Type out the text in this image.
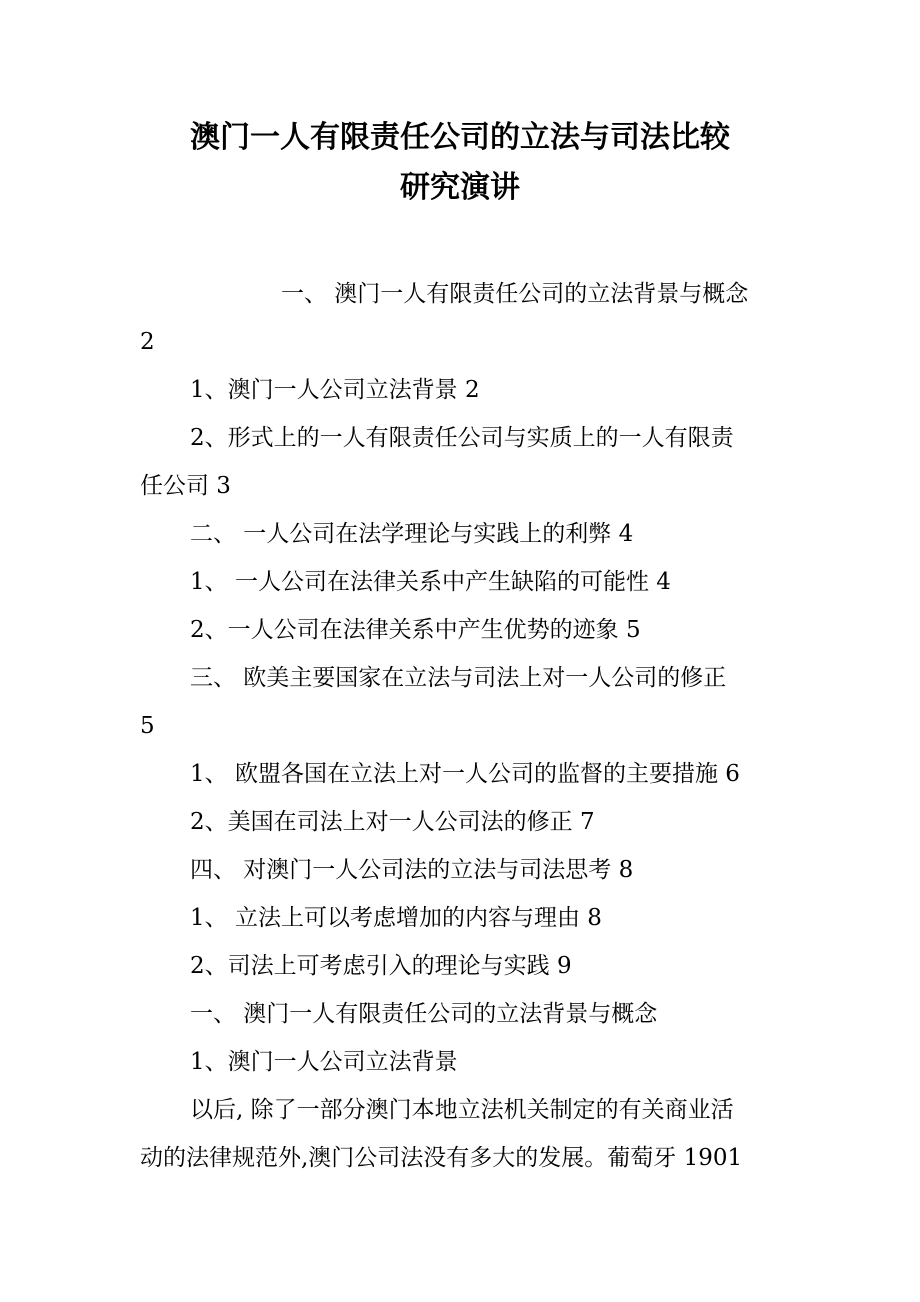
澳门一人有限责任公司的立法与司法比较
研究演讲
一、 澳门一人有限责任公司的立法背景与概念
2
1、澳门一人公司立法背景 2
2、形式上的一人有限责任公司与实质上的一人有限责
任公司 3
二、 一人公司在法学理论与实践上的利弊 4
1、 一人公司在法律关系中产生缺陷的可能性 4
2、一人公司在法律关系中产生优势的迹象 5
三、 欧美主要国家在立法与司法上对一人公司的修正
5
1、 欧盟各国在立法上对一人公司的监督的主要措施 6
2、美国在司法上对一人公司法的修正 7
四、 对澳门一人公司法的立法与司法思考 8
1、 立法上可以考虑增加的内容与理由 8
2、司法上可考虑引入的理论与实践 9
一、 澳门一人有限责任公司的立法背景与概念
1、澳门一人公司立法背景
以后, 除了一部分澳门本地立法机关制定的有关商业活
动的法律规范外,澳门公司法没有多大的发展。葡萄牙 1901
